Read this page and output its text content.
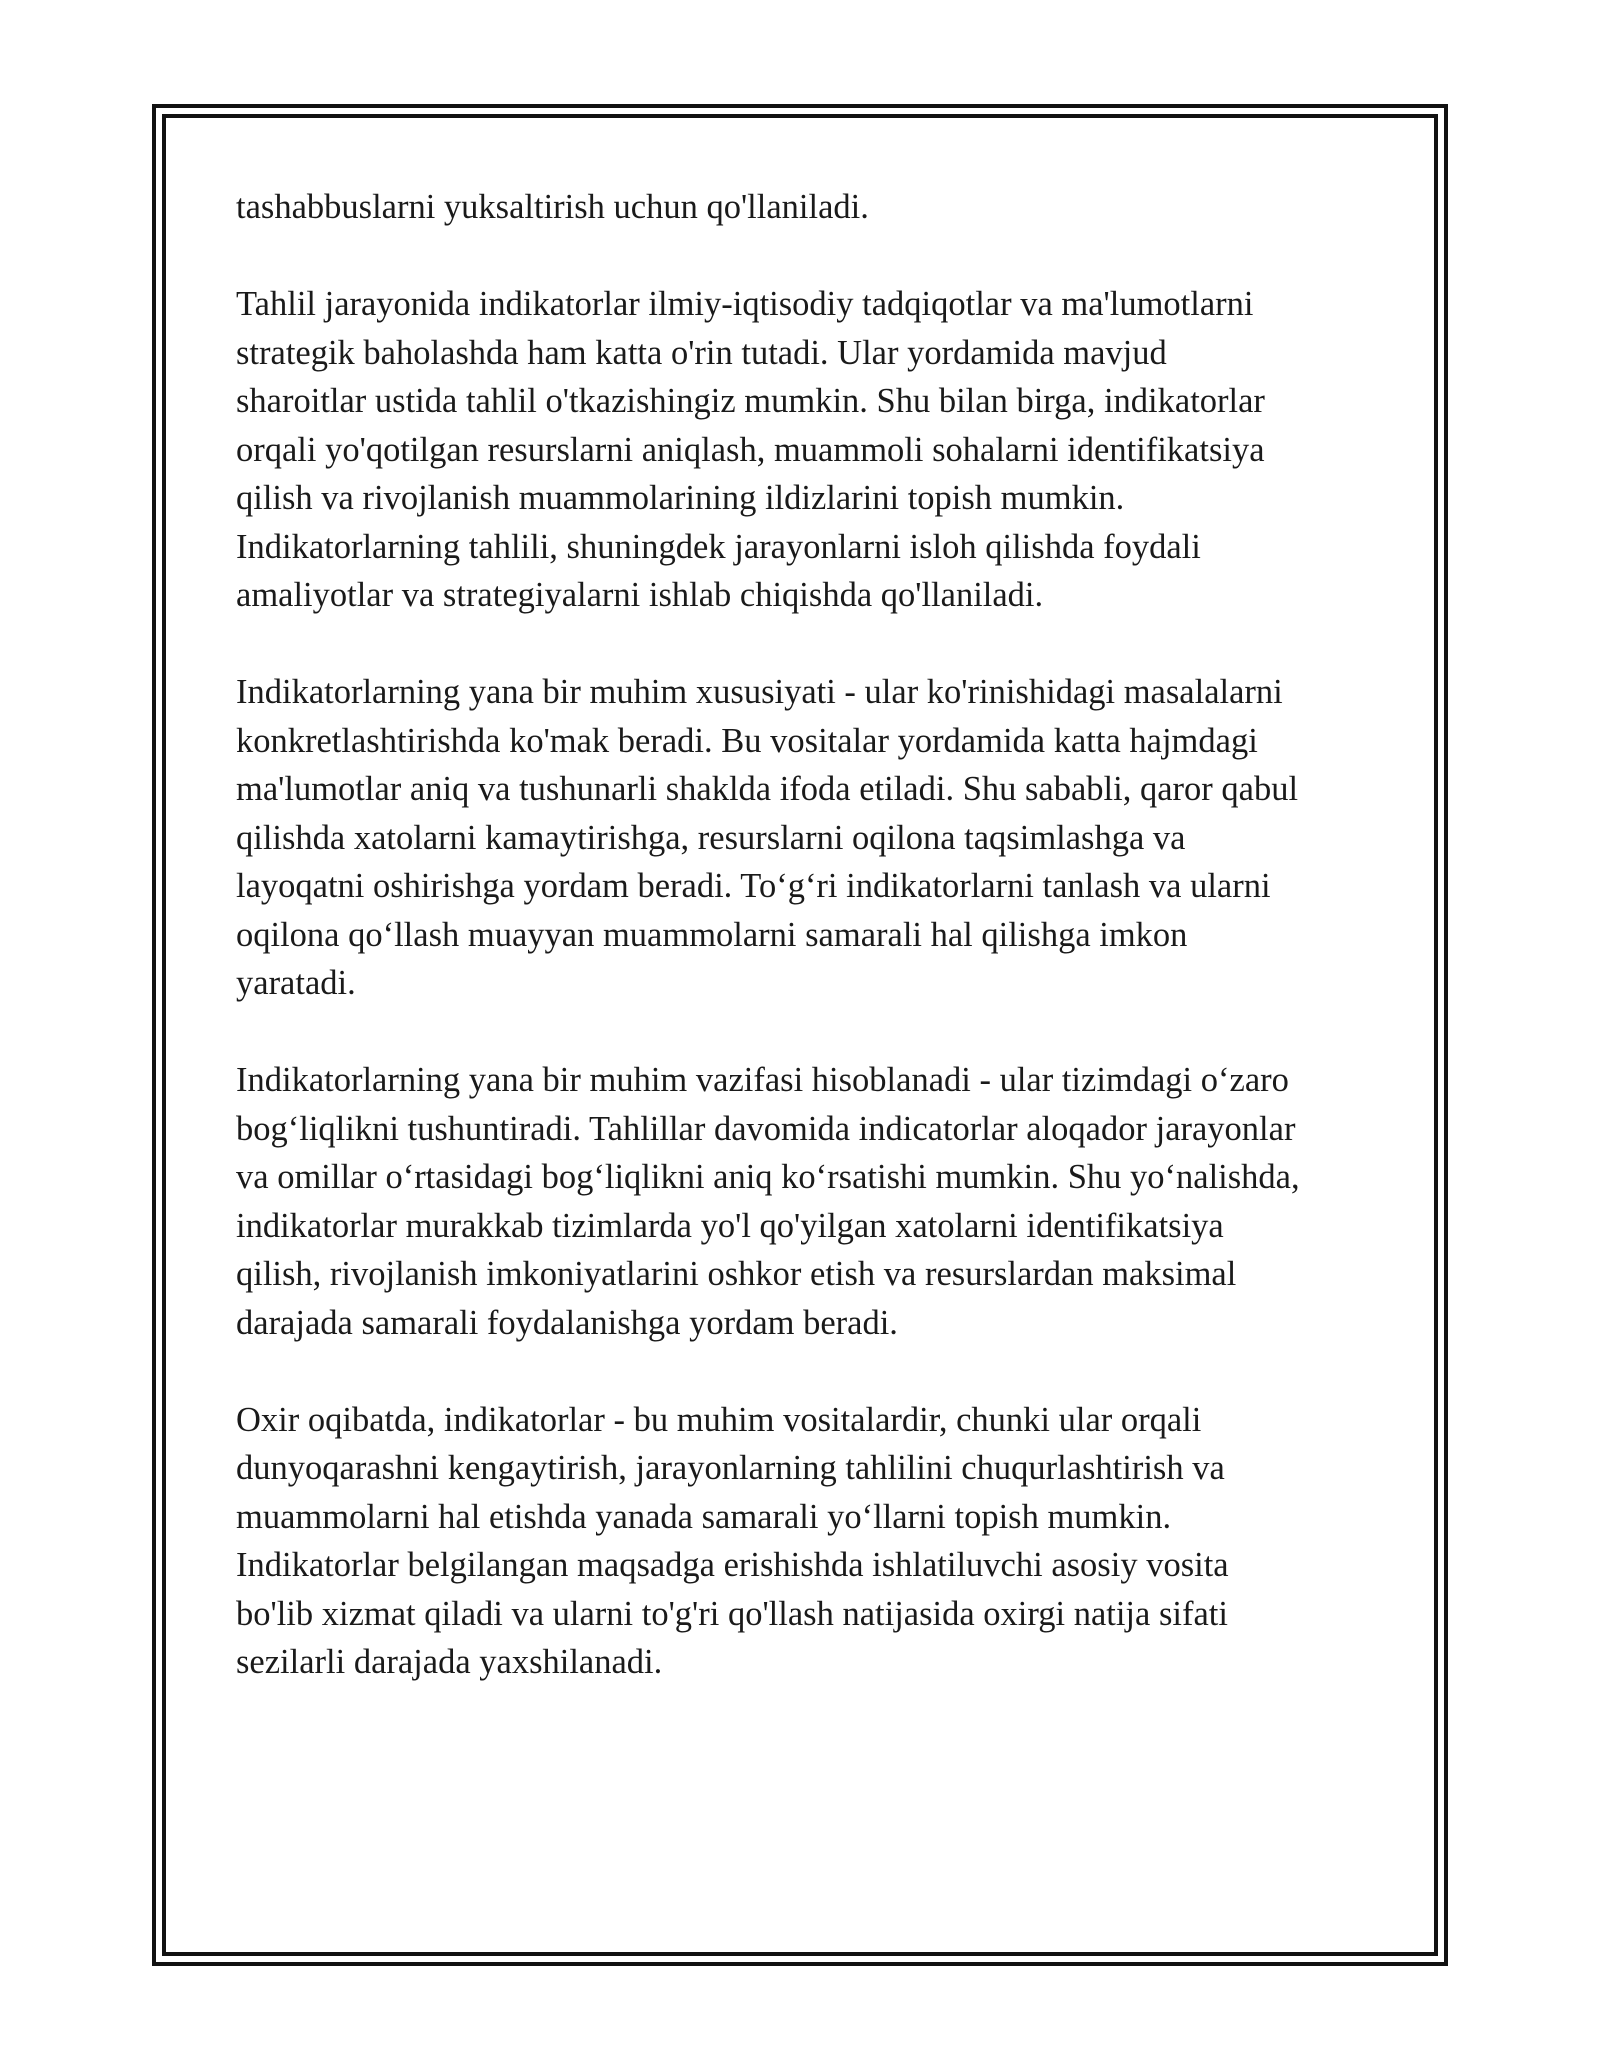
tashabbuslarni yuksaltirish uchun qo'llaniladi.

Tahlil jarayonida indikatorlar ilmiy-iqtisodiy tadqiqotlar va ma'lumotlarni
strategik baholashda ham katta o'rin tutadi. Ular yordamida mavjud
sharoitlar ustida tahlil o'tkazishingiz mumkin. Shu bilan birga, indikatorlar
orqali yo'qotilgan resurslarni aniqlash, muammoli sohalarni identifikatsiya
qilish va rivojlanish muammolarining ildizlarini topish mumkin.
Indikatorlarning tahlili, shuningdek jarayonlarni isloh qilishda foydali
amaliyotlar va strategiyalarni ishlab chiqishda qo'llaniladi.

Indikatorlarning yana bir muhim xususiyati - ular ko'rinishidagi masalalarni
konkretlashtirishda ko'mak beradi. Bu vositalar yordamida katta hajmdagi
ma'lumotlar aniq va tushunarli shaklda ifoda etiladi. Shu sababli, qaror qabul
qilishda xatolarni kamaytirishga, resurslarni oqilona taqsimlashga va
layoqatni oshirishga yordam beradi. To‘g‘ri indikatorlarni tanlash va ularni
oqilona qo‘llash muayyan muammolarni samarali hal qilishga imkon
yaratadi.

Indikatorlarning yana bir muhim vazifasi hisoblanadi - ular tizimdagi o‘zaro
bog‘liqlikni tushuntiradi. Tahlillar davomida indicatorlar aloqador jarayonlar
va omillar o‘rtasidagi bog‘liqlikni aniq ko‘rsatishi mumkin. Shu yo‘nalishda,
indikatorlar murakkab tizimlarda yo'l qo'yilgan xatolarni identifikatsiya
qilish, rivojlanish imkoniyatlarini oshkor etish va resurslardan maksimal
darajada samarali foydalanishga yordam beradi.

Oxir oqibatda, indikatorlar - bu muhim vositalardir, chunki ular orqali
dunyoqarashni kengaytirish, jarayonlarning tahlilini chuqurlashtirish va
muammolarni hal etishda yanada samarali yo‘llarni topish mumkin.
Indikatorlar belgilangan maqsadga erishishda ishlatiluvchi asosiy vosita
bo'lib xizmat qiladi va ularni to'g'ri qo'llash natijasida oxirgi natija sifati
sezilarli darajada yaxshilanadi.
